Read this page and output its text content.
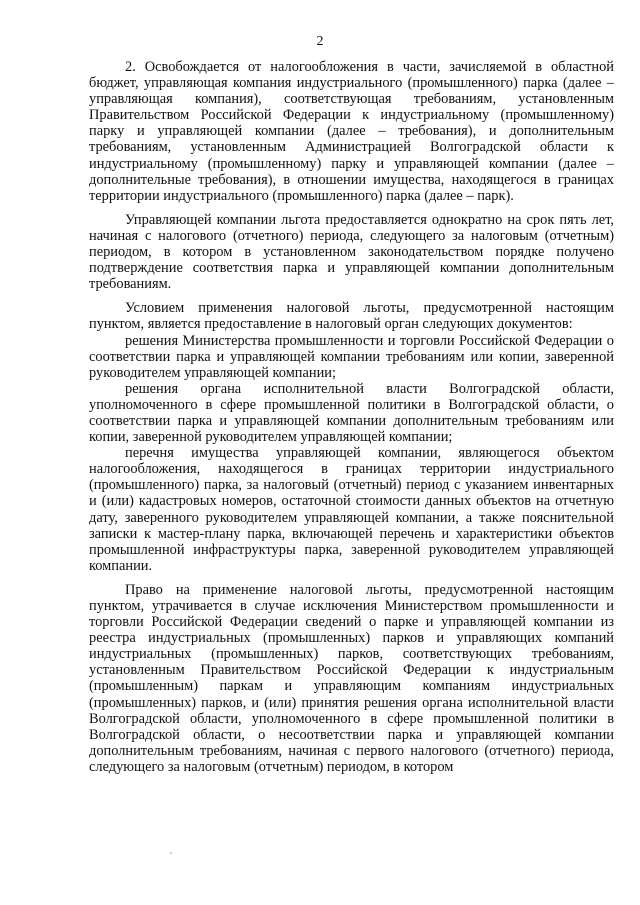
2

2. Освобождается от налогообложения в части, зачисляемой в областной бюджет, управляющая компания индустриального (промышленного) парка (далее – управляющая компания), соответствующая требованиям, установленным Правительством Российской Федерации к индустриальному (промышленному) парку и управляющей компании (далее – требования), и дополнительным требованиям, установленным Администрацией Волгоградской области к индустриальному (промышленному) парку и управляющей компании (далее – дополнительные требования), в отношении имущества, находящегося в границах территории индустриального (промышленного) парка (далее – парк).

Управляющей компании льгота предоставляется однократно на срок пять лет, начиная с налогового (отчетного) периода, следующего за налоговым (отчетным) периодом, в котором в установленном законодательством порядке получено подтверждение соответствия парка и управляющей компании дополнительным требованиям.

Условием применения налоговой льготы, предусмотренной настоящим пунктом, является предоставление в налоговый орган следующих документов:

решения Министерства промышленности и торговли Российской Федерации о соответствии парка и управляющей компании требованиям или копии, заверенной руководителем управляющей компании;

решения органа исполнительной власти Волгоградской области, уполномоченного в сфере промышленной политики в Волгоградской области, о соответствии парка и управляющей компании дополнительным требованиям или копии, заверенной руководителем управляющей компании;

перечня имущества управляющей компании, являющегося объектом налогообложения, находящегося в границах территории индустриального (промышленного) парка, за налоговый (отчетный) период с указанием инвентарных и (или) кадастровых номеров, остаточной стоимости данных объектов на отчетную дату, заверенного руководителем управляющей компании, а также пояснительной записки к мастер-плану парка, включающей перечень и характеристики объектов промышленной инфраструктуры парка, заверенной руководителем управляющей компании.

Право на применение налоговой льготы, предусмотренной настоящим пунктом, утрачивается в случае исключения Министерством промышленности и торговли Российской Федерации сведений о парке и управляющей компании из реестра индустриальных (промышленных) парков и управляющих компаний индустриальных (промышленных) парков, соответствующих требованиям, установленным Правительством Российской Федерации к индустриальным (промышленным) паркам и управляющим компаниям индустриальных (промышленных) парков, и (или) принятия решения органа исполнительной власти Волгоградской области, уполномоченного в сфере промышленной политики в Волгоградской области, о несоответствии парка и управляющей компании дополнительным требованиям, начиная с первого налогового (отчетного) периода, следующего за налоговым (отчетным) периодом, в котором
